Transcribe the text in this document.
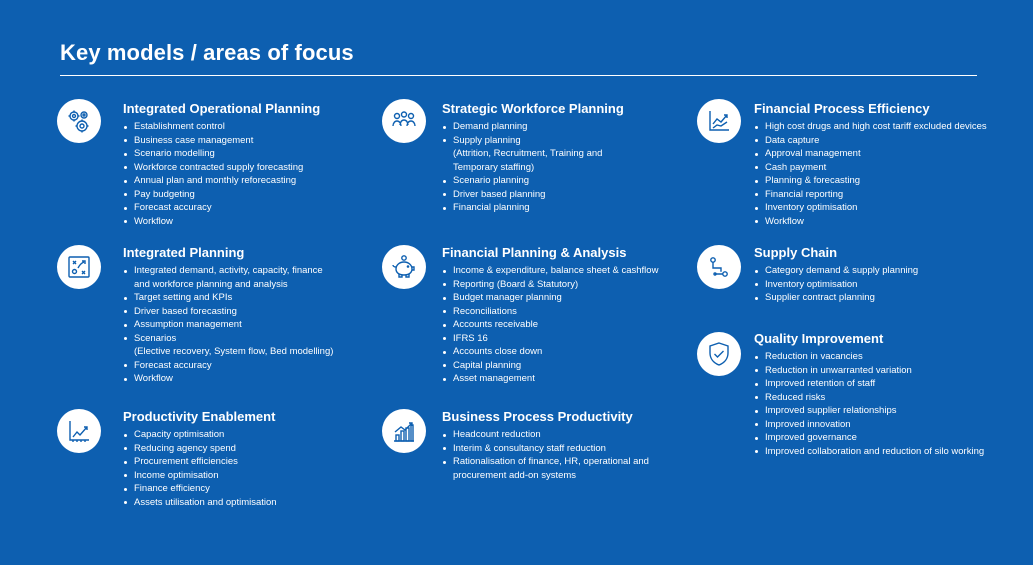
Key models / areas of focus
Integrated Operational Planning
Establishment control
Business case management
Scenario modelling
Workforce contracted supply forecasting
Annual plan and monthly reforecasting
Pay budgeting
Forecast accuracy
Workflow
Integrated Planning
Integrated demand, activity, capacity, finance
and workforce planning and analysis
Target setting and KPIs
Driver based forecasting
Assumption management
Scenarios
(Elective recovery, System flow, Bed modelling)
Forecast accuracy
Workflow
Productivity Enablement
Capacity optimisation
Reducing agency spend
Procurement efficiencies
Income optimisation
Finance efficiency
Assets utilisation and optimisation
Strategic Workforce Planning
Demand planning
Supply planning
(Attrition, Recruitment, Training and
Temporary staffing)
Scenario planning
Driver based planning
Financial planning
Financial Planning & Analysis
Income & expenditure, balance sheet & cashflow
Reporting (Board & Statutory)
Budget manager planning
Reconciliations
Accounts receivable
IFRS 16
Accounts close down
Capital planning
Asset management
Business Process Productivity
Headcount reduction
Interim & consultancy staff reduction
Rationalisation of finance, HR, operational and
procurement add-on systems
Financial Process Efficiency
High cost drugs and high cost tariff excluded devices
Data capture
Approval management
Cash payment
Planning & forecasting
Financial reporting
Inventory optimisation
Workflow
Supply Chain
Category demand & supply planning
Inventory optimisation
Supplier contract planning
Quality Improvement
Reduction in vacancies
Reduction in unwarranted variation
Improved retention of staff
Reduced risks
Improved supplier relationships
Improved innovation
Improved governance
Improved collaboration and reduction of silo working
